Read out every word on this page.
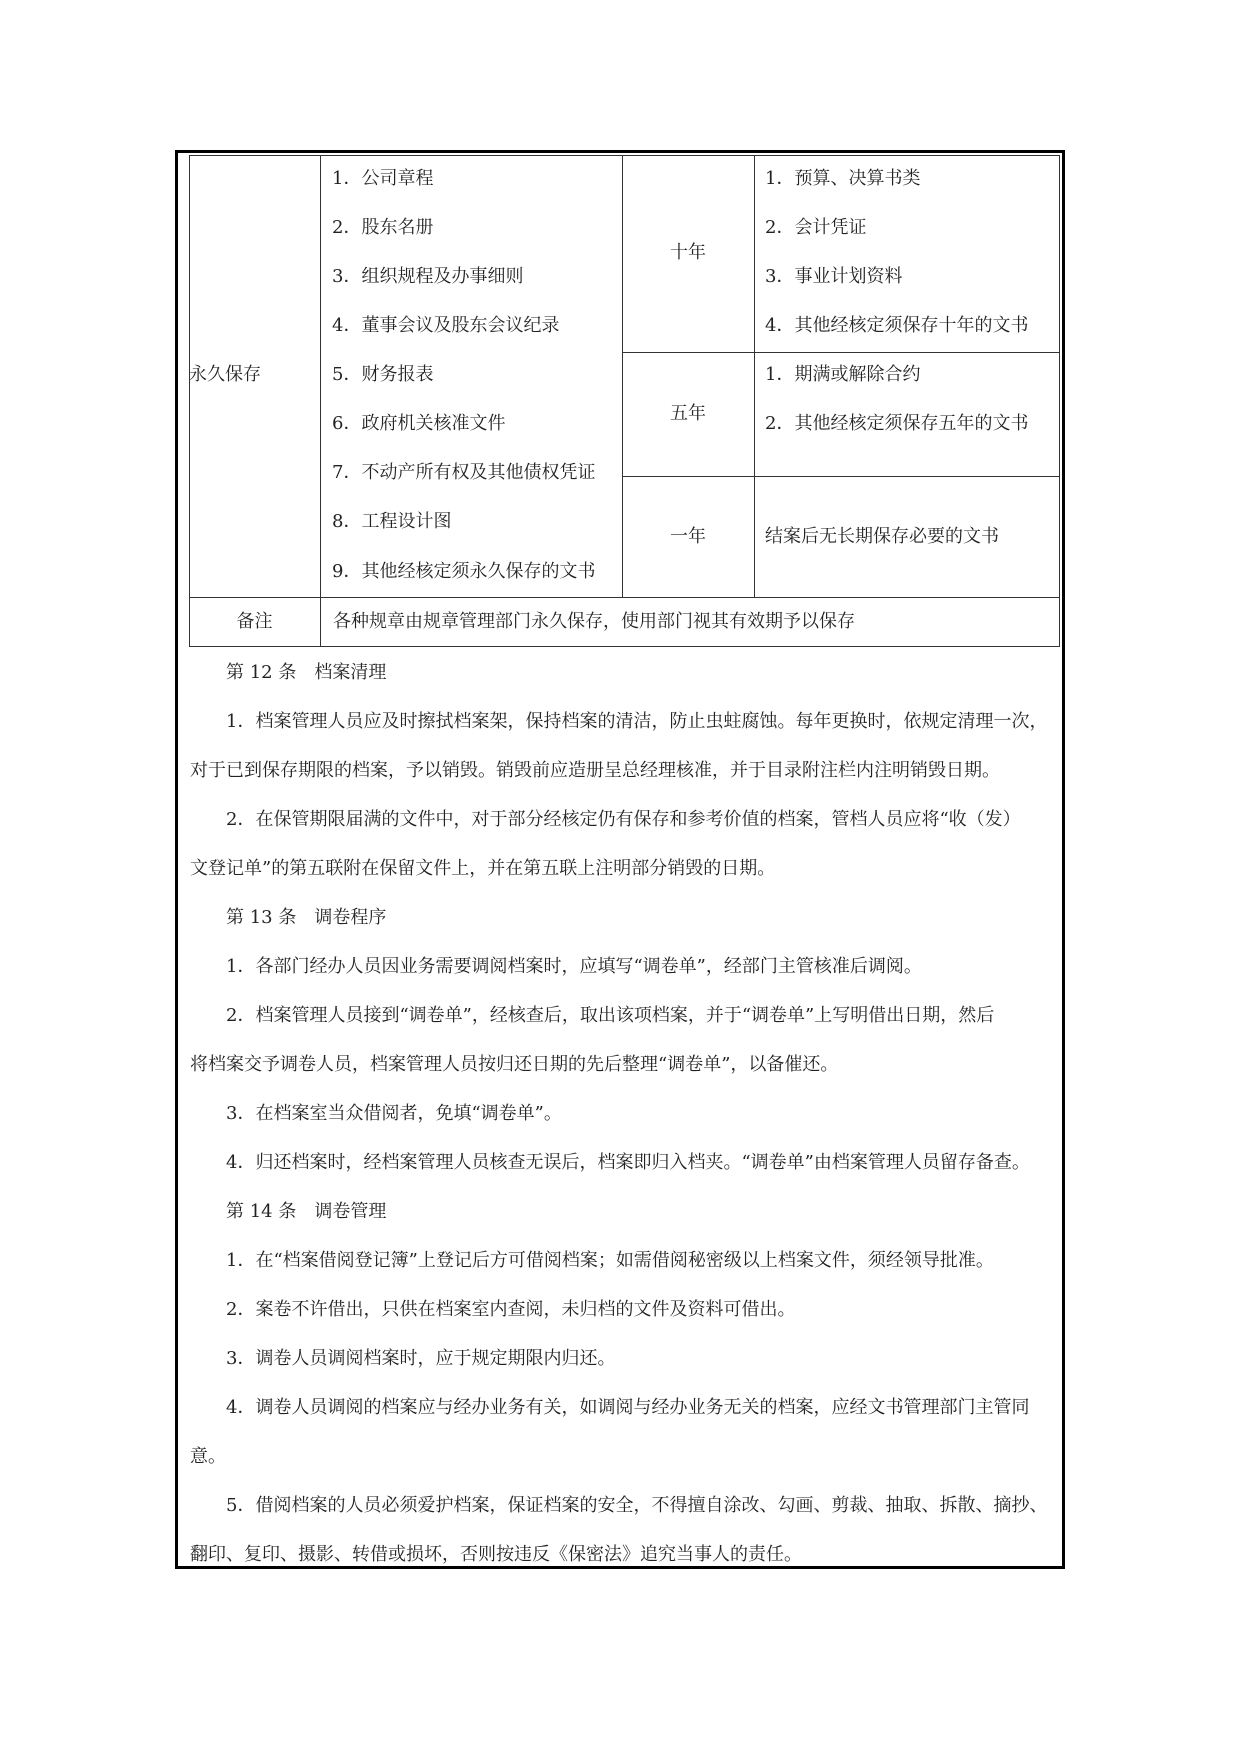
永久保存
1．公司章程
2．股东名册
3．组织规程及办事细则
4．董事会议及股东会议纪录
5．财务报表
6．政府机关核准文件
7．不动产所有权及其他债权凭证
8．工程设计图
9．其他经核定须永久保存的文书
十年
1．预算、决算书类
2．会计凭证
3．事业计划资料
4．其他经核定须保存十年的文书
五年
1．期满或解除合约
2．其他经核定须保存五年的文书
一年	结案后无长期保存必要的文书
备注	各种规章由规章管理部门永久保存，使用部门视其有效期予以保存
第 12 条　档案清理
1．档案管理人员应及时擦拭档案架，保持档案的清洁，防止虫蛀腐蚀。每年更换时，依规定清理一次，
对于已到保存期限的档案，予以销毁。销毁前应造册呈总经理核准，并于目录附注栏内注明销毁日期。
2．在保管期限届满的文件中，对于部分经核定仍有保存和参考价值的档案，管档人员应将“收（发）
文登记单”的第五联附在保留文件上，并在第五联上注明部分销毁的日期。
第 13 条　调卷程序
1．各部门经办人员因业务需要调阅档案时，应填写“调卷单”，经部门主管核准后调阅。
2．档案管理人员接到“调卷单”，经核查后，取出该项档案，并于“调卷单”上写明借出日期，然后
将档案交予调卷人员，档案管理人员按归还日期的先后整理“调卷单”，以备催还。
3．在档案室当众借阅者，免填“调卷单”。
4．归还档案时，经档案管理人员核查无误后，档案即归入档夹。“调卷单”由档案管理人员留存备查。
第 14 条　调卷管理
1．在“档案借阅登记簿”上登记后方可借阅档案；如需借阅秘密级以上档案文件，须经领导批准。
2．案卷不许借出，只供在档案室内查阅，未归档的文件及资料可借出。
3．调卷人员调阅档案时，应于规定期限内归还。
4．调卷人员调阅的档案应与经办业务有关，如调阅与经办业务无关的档案，应经文书管理部门主管同
意。
5．借阅档案的人员必须爱护档案，保证档案的安全，不得擅自涂改、勾画、剪裁、抽取、拆散、摘抄、
翻印、复印、摄影、转借或损坏，否则按违反《保密法》追究当事人的责任。
